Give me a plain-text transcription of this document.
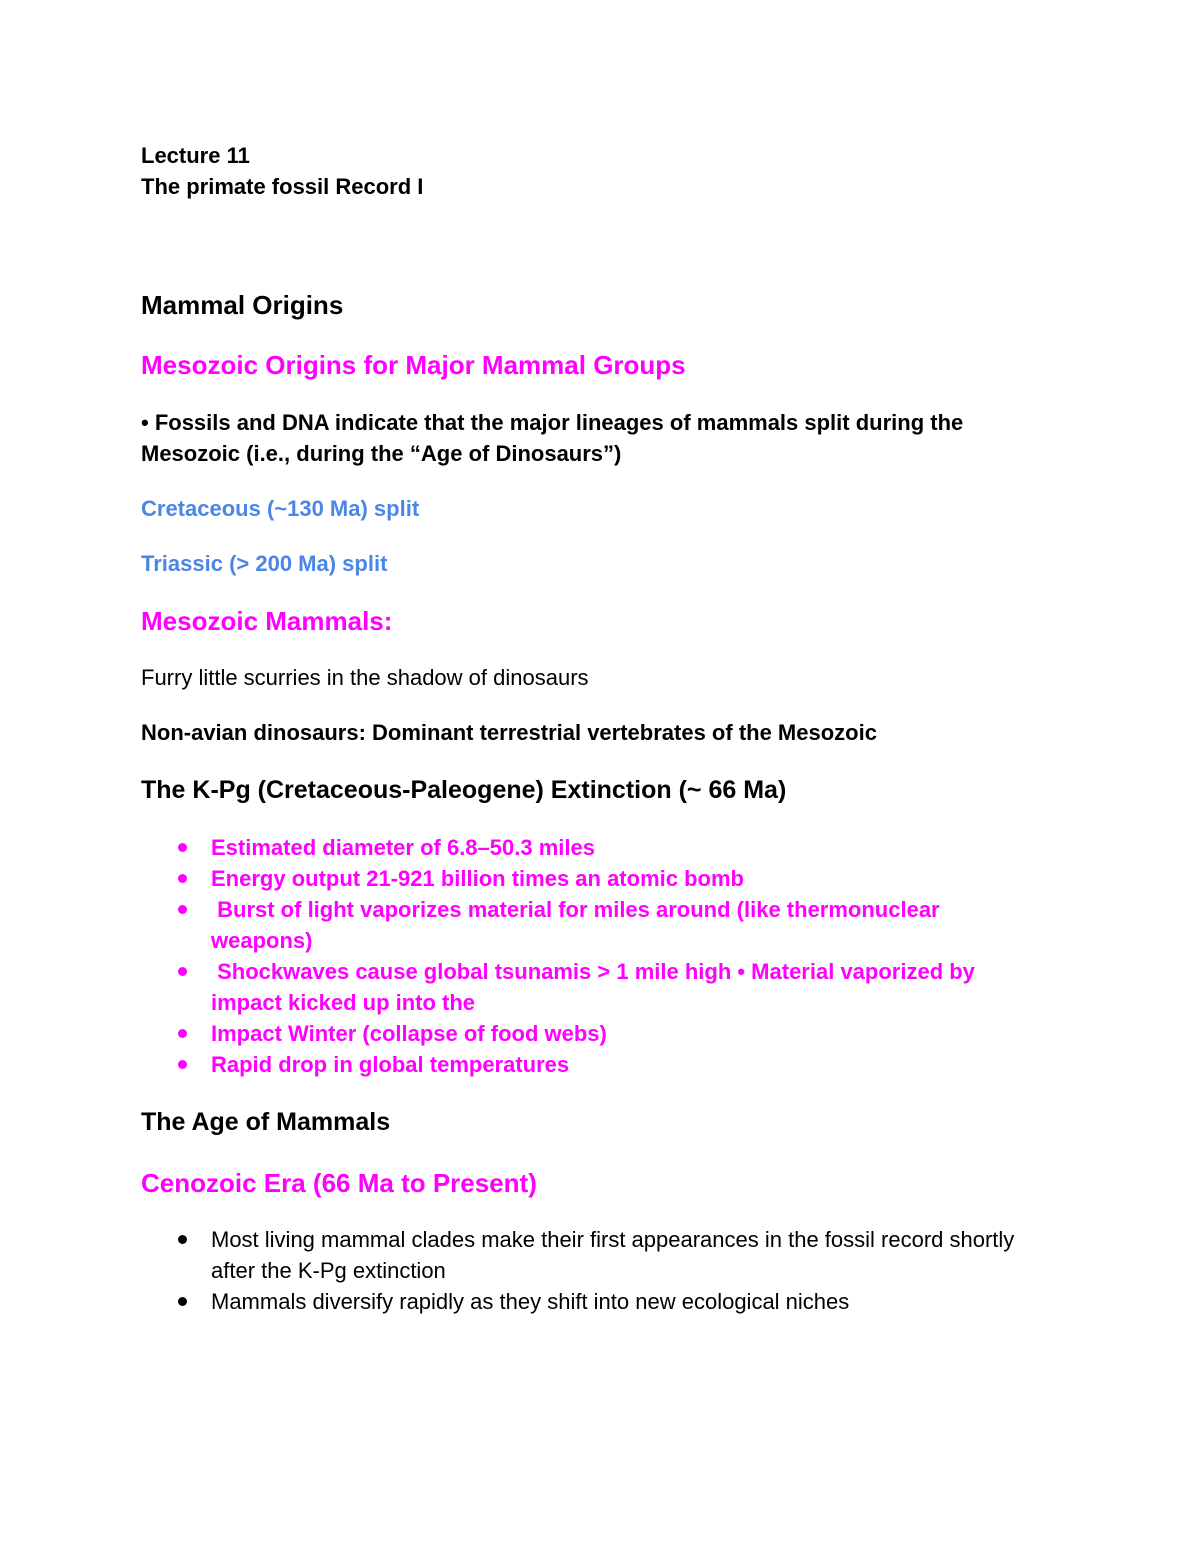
Lecture 11

The primate fossil Record I

Mammal Origins

Mesozoic Origins for Major Mammal Groups

• Fossils and DNA indicate that the major lineages of mammals split during the Mesozoic (i.e., during the “Age of Dinosaurs”)

Cretaceous (~130 Ma) split

Triassic (> 200 Ma) split

Mesozoic Mammals:

Furry little scurries in the shadow of dinosaurs

Non-avian dinosaurs: Dominant terrestrial vertebrates of the Mesozoic

The K-Pg (Cretaceous-Paleogene) Extinction (~ 66 Ma)

Estimated diameter of 6.8–50.3 miles
Energy output 21-921 billion times an atomic bomb
Burst of light vaporizes material for miles around (like thermonuclear weapons)
Shockwaves cause global tsunamis > 1 mile high • Material vaporized by impact kicked up into the
Impact Winter (collapse of food webs)
Rapid drop in global temperatures

The Age of Mammals

Cenozoic Era (66 Ma to Present)

Most living mammal clades make their first appearances in the fossil record shortly after the K-Pg extinction
Mammals diversify rapidly as they shift into new ecological niches
